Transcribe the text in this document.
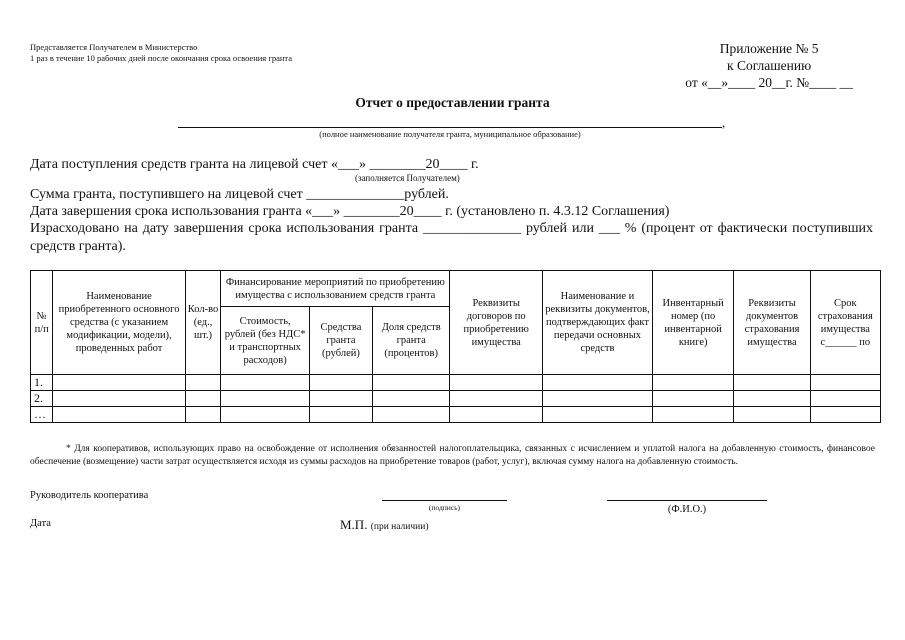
Представляется Получателем в Министерство
1 раз в течение 10 рабочих дней после окончания срока освоения гранта
Приложение № 5
к Соглашению
от «__»____ 20__г. №____ __
Отчет о предоставлении гранта
,
(полное наименование получателя гранта, муниципальное образование)
Дата поступления средств гранта на лицевой счет «___» ________20____ г.
(заполняется Получателем)
Сумма гранта, поступившего на лицевой счет ______________рублей.
Дата завершения срока использования гранта «___» ________20____ г. (установлено п. 4.3.12 Соглашения)
Израсходовано на дату завершения срока использования гранта ______________ рублей или ___ % (процент от фактически поступивших средств гранта).
№ п/п	Наименование приобретенного основного средства (с указанием модификации, модели), проведенных работ	Кол-во (ед., шт.)	Финансирование мероприятий по приобретению имущества с использованием средств гранта			Реквизиты договоров по приобретению имущества	Наименование и реквизиты документов, подтверждающих факт передачи основных средств	Инвентарный номер (по инвентарной книге)	Реквизиты документов страхования имущества	Срок страхования имущества с______ по
			Стоимость, рублей (без НДС* и транспортных расходов)	Средства гранта (рублей)	Доля средств гранта (процентов)					
1.										
2.										
…										
* Для кооперативов, использующих право на освобождение от исполнения обязанностей налогоплательщика, связанных с исчислением и уплатой налога на добавленную стоимость, финансовое обеспечение (возмещение) части затрат осуществляется исходя из суммы расходов на приобретение товаров (работ, услуг), включая сумму налога на добавленную стоимость.
Руководитель кооператива
(подпись)	(Ф.И.О.)
Дата	М.П. (при наличии)
